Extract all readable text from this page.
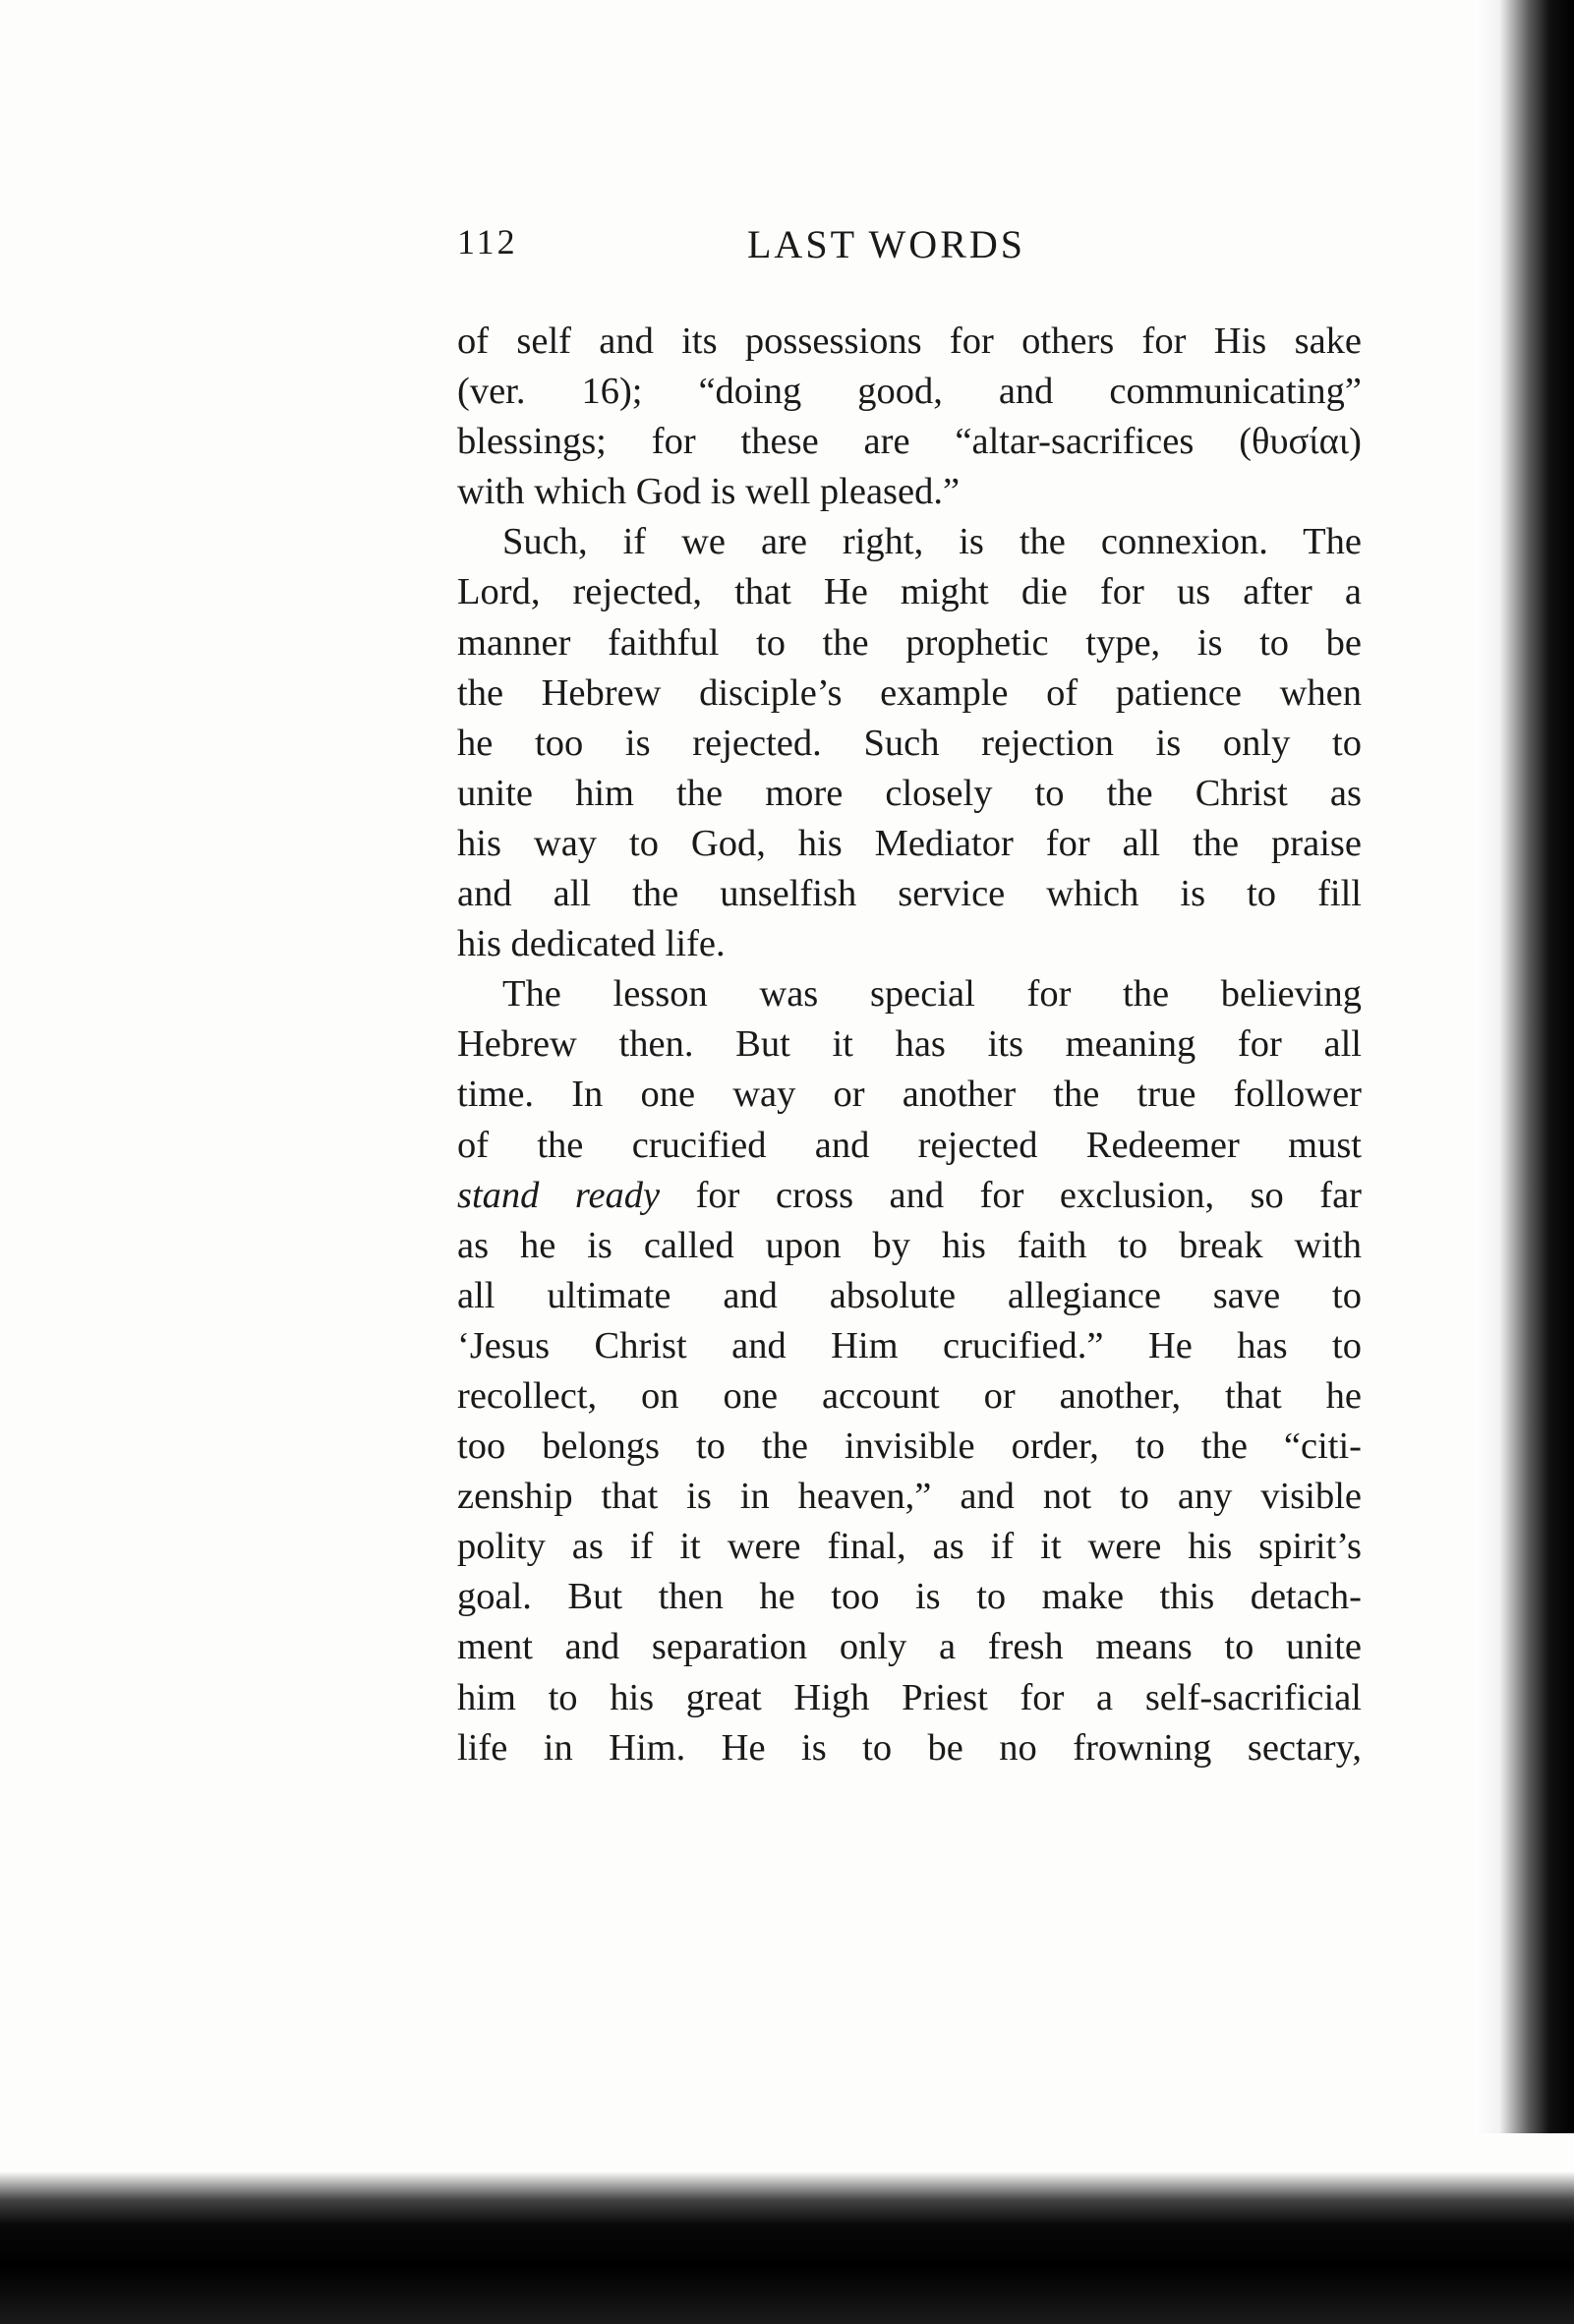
112	LAST WORDS
of self and its possessions for others for His sake
(ver. 16); “doing good, and communicating”
blessings; for these are “altar-sacrifices (θυσίαι)
with which God is well pleased.”
Such, if we are right, is the connexion. The
Lord, rejected, that He might die for us after a
manner faithful to the prophetic type, is to be
the Hebrew disciple’s example of patience when
he too is rejected. Such rejection is only to
unite him the more closely to the Christ as
his way to God, his Mediator for all the praise
and all the unselfish service which is to fill
his dedicated life.
The lesson was special for the believing
Hebrew then. But it has its meaning for all
time. In one way or another the true follower
of the crucified and rejected Redeemer must
stand ready for cross and for exclusion, so far
as he is called upon by his faith to break with
all ultimate and absolute allegiance save to
‘Jesus Christ and Him crucified.” He has to
recollect, on one account or another, that he
too belongs to the invisible order, to the “citi-
zenship that is in heaven,” and not to any visible
polity as if it were final, as if it were his spirit’s
goal. But then he too is to make this detach-
ment and separation only a fresh means to unite
him to his great High Priest for a self-sacrificial
life in Him. He is to be no frowning sectary,
